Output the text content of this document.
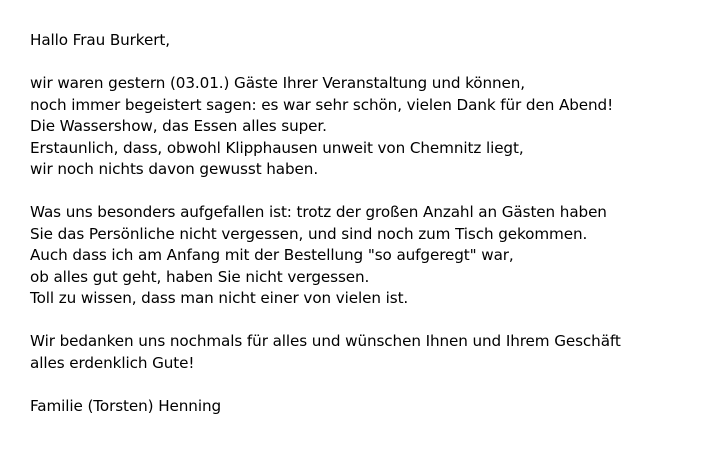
Hallo Frau Burkert,
wir waren gestern (03.01.) Gäste Ihrer Veranstaltung und können,
noch immer begeistert sagen: es war sehr schön, vielen Dank für den Abend!
Die Wassershow, das Essen alles super.
Erstaunlich, dass, obwohl Klipphausen unweit von Chemnitz liegt,
wir noch nichts davon gewusst haben.
Was uns besonders aufgefallen ist: trotz der großen Anzahl an Gästen haben
Sie das Persönliche nicht vergessen, und sind noch zum Tisch gekommen.
Auch dass ich am Anfang mit der Bestellung "so aufgeregt" war,
ob alles gut geht, haben Sie nicht vergessen.
Toll zu wissen, dass man nicht einer von vielen ist.
Wir bedanken uns nochmals für alles und wünschen Ihnen und Ihrem Geschäft
alles erdenklich Gute!
Familie (Torsten) Henning
